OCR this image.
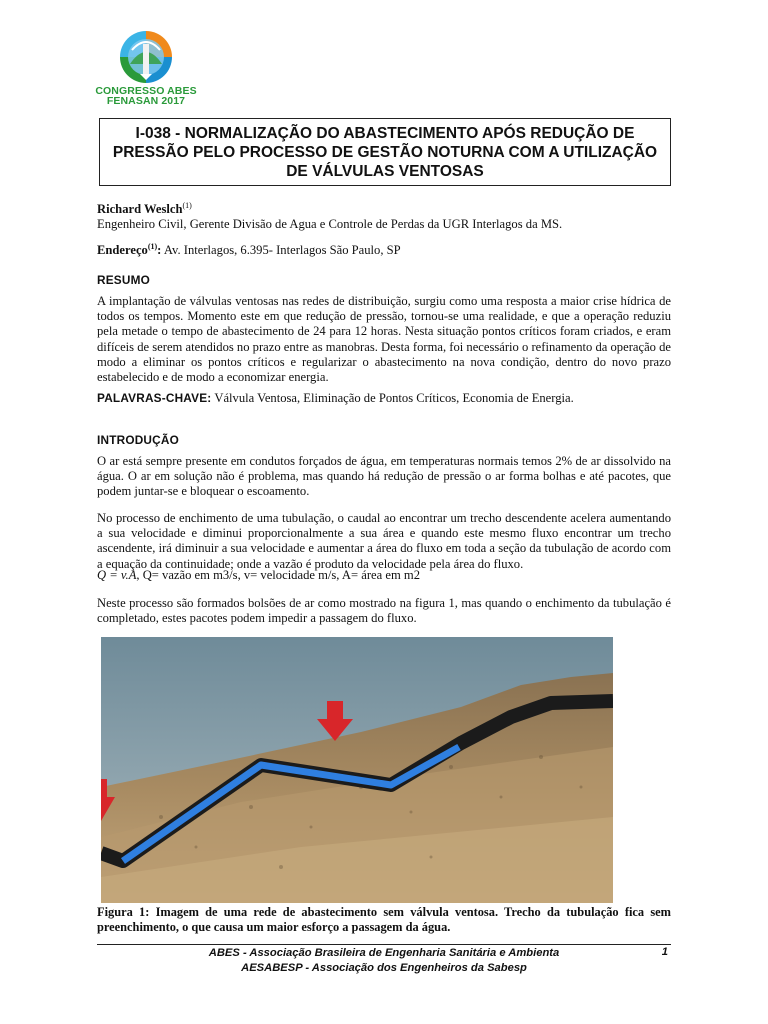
CONGRESSO ABES
FENASAN 2017
I-038 - NORMALIZAÇÃO DO ABASTECIMENTO APÓS REDUÇÃO DE PRESSÃO PELO PROCESSO DE GESTÃO NOTURNA COM A UTILIZAÇÃO DE VÁLVULAS VENTOSAS
Richard Weslch$^{(1)}$
Engenheiro Civil, Gerente Divisão de Agua e Controle de Perdas da UGR Interlagos da MS.
Endereço$^{(1)}$: Av. Interlagos, 6.395- Interlagos São Paulo, SP
RESUMO
A implantação de válvulas ventosas nas redes de distribuição, surgiu como uma resposta a maior crise hídrica de todos os tempos. Momento este em que redução de pressão, tornou-se uma realidade, e que a operação reduziu pela metade o tempo de abastecimento de 24 para 12 horas. Nesta situação pontos críticos foram criados, e eram difíceis de serem atendidos no prazo entre as manobras. Desta forma, foi necessário o refinamento da operação de modo a eliminar os pontos críticos e regularizar o abastecimento na nova condição, dentro do novo prazo estabelecido e de modo a economizar energia.
PALAVRAS-CHAVE: Válvula Ventosa, Eliminação de Pontos Críticos, Economia de Energia.
INTRODUÇÃO
O ar está sempre presente em condutos forçados de água, em temperaturas normais temos 2% de ar dissolvido na água. O ar em solução não é problema, mas quando há redução de pressão o ar forma bolhas e até pacotes, que podem juntar-se e bloquear o escoamento.
No processo de enchimento de uma tubulação, o caudal ao encontrar um trecho descendente acelera aumentando a sua velocidade e diminui proporcionalmente a sua área e quando este mesmo fluxo encontrar um trecho ascendente, irá diminuir a sua velocidade e aumentar a área do fluxo em toda a seção da tubulação de acordo com a equação da continuidade; onde a vazão é produto da velocidade pela área do fluxo.
Q = v.A, Q= vazão em m3/s, v= velocidade m/s, A= área em m2
Neste processo são formados bolsões de ar como mostrado na figura 1, mas quando o enchimento da tubulação é completado, estes pacotes podem impedir a passagem do fluxo.
Figura 1: Imagem de uma rede de abastecimento sem válvula ventosa. Trecho da tubulação fica sem preenchimento, o que causa um maior esforço a passagem da água.
ABES - Associação Brasileira de Engenharia Sanitária e Ambienta
AESABESP - Associação dos Engenheiros da Sabesp
1
